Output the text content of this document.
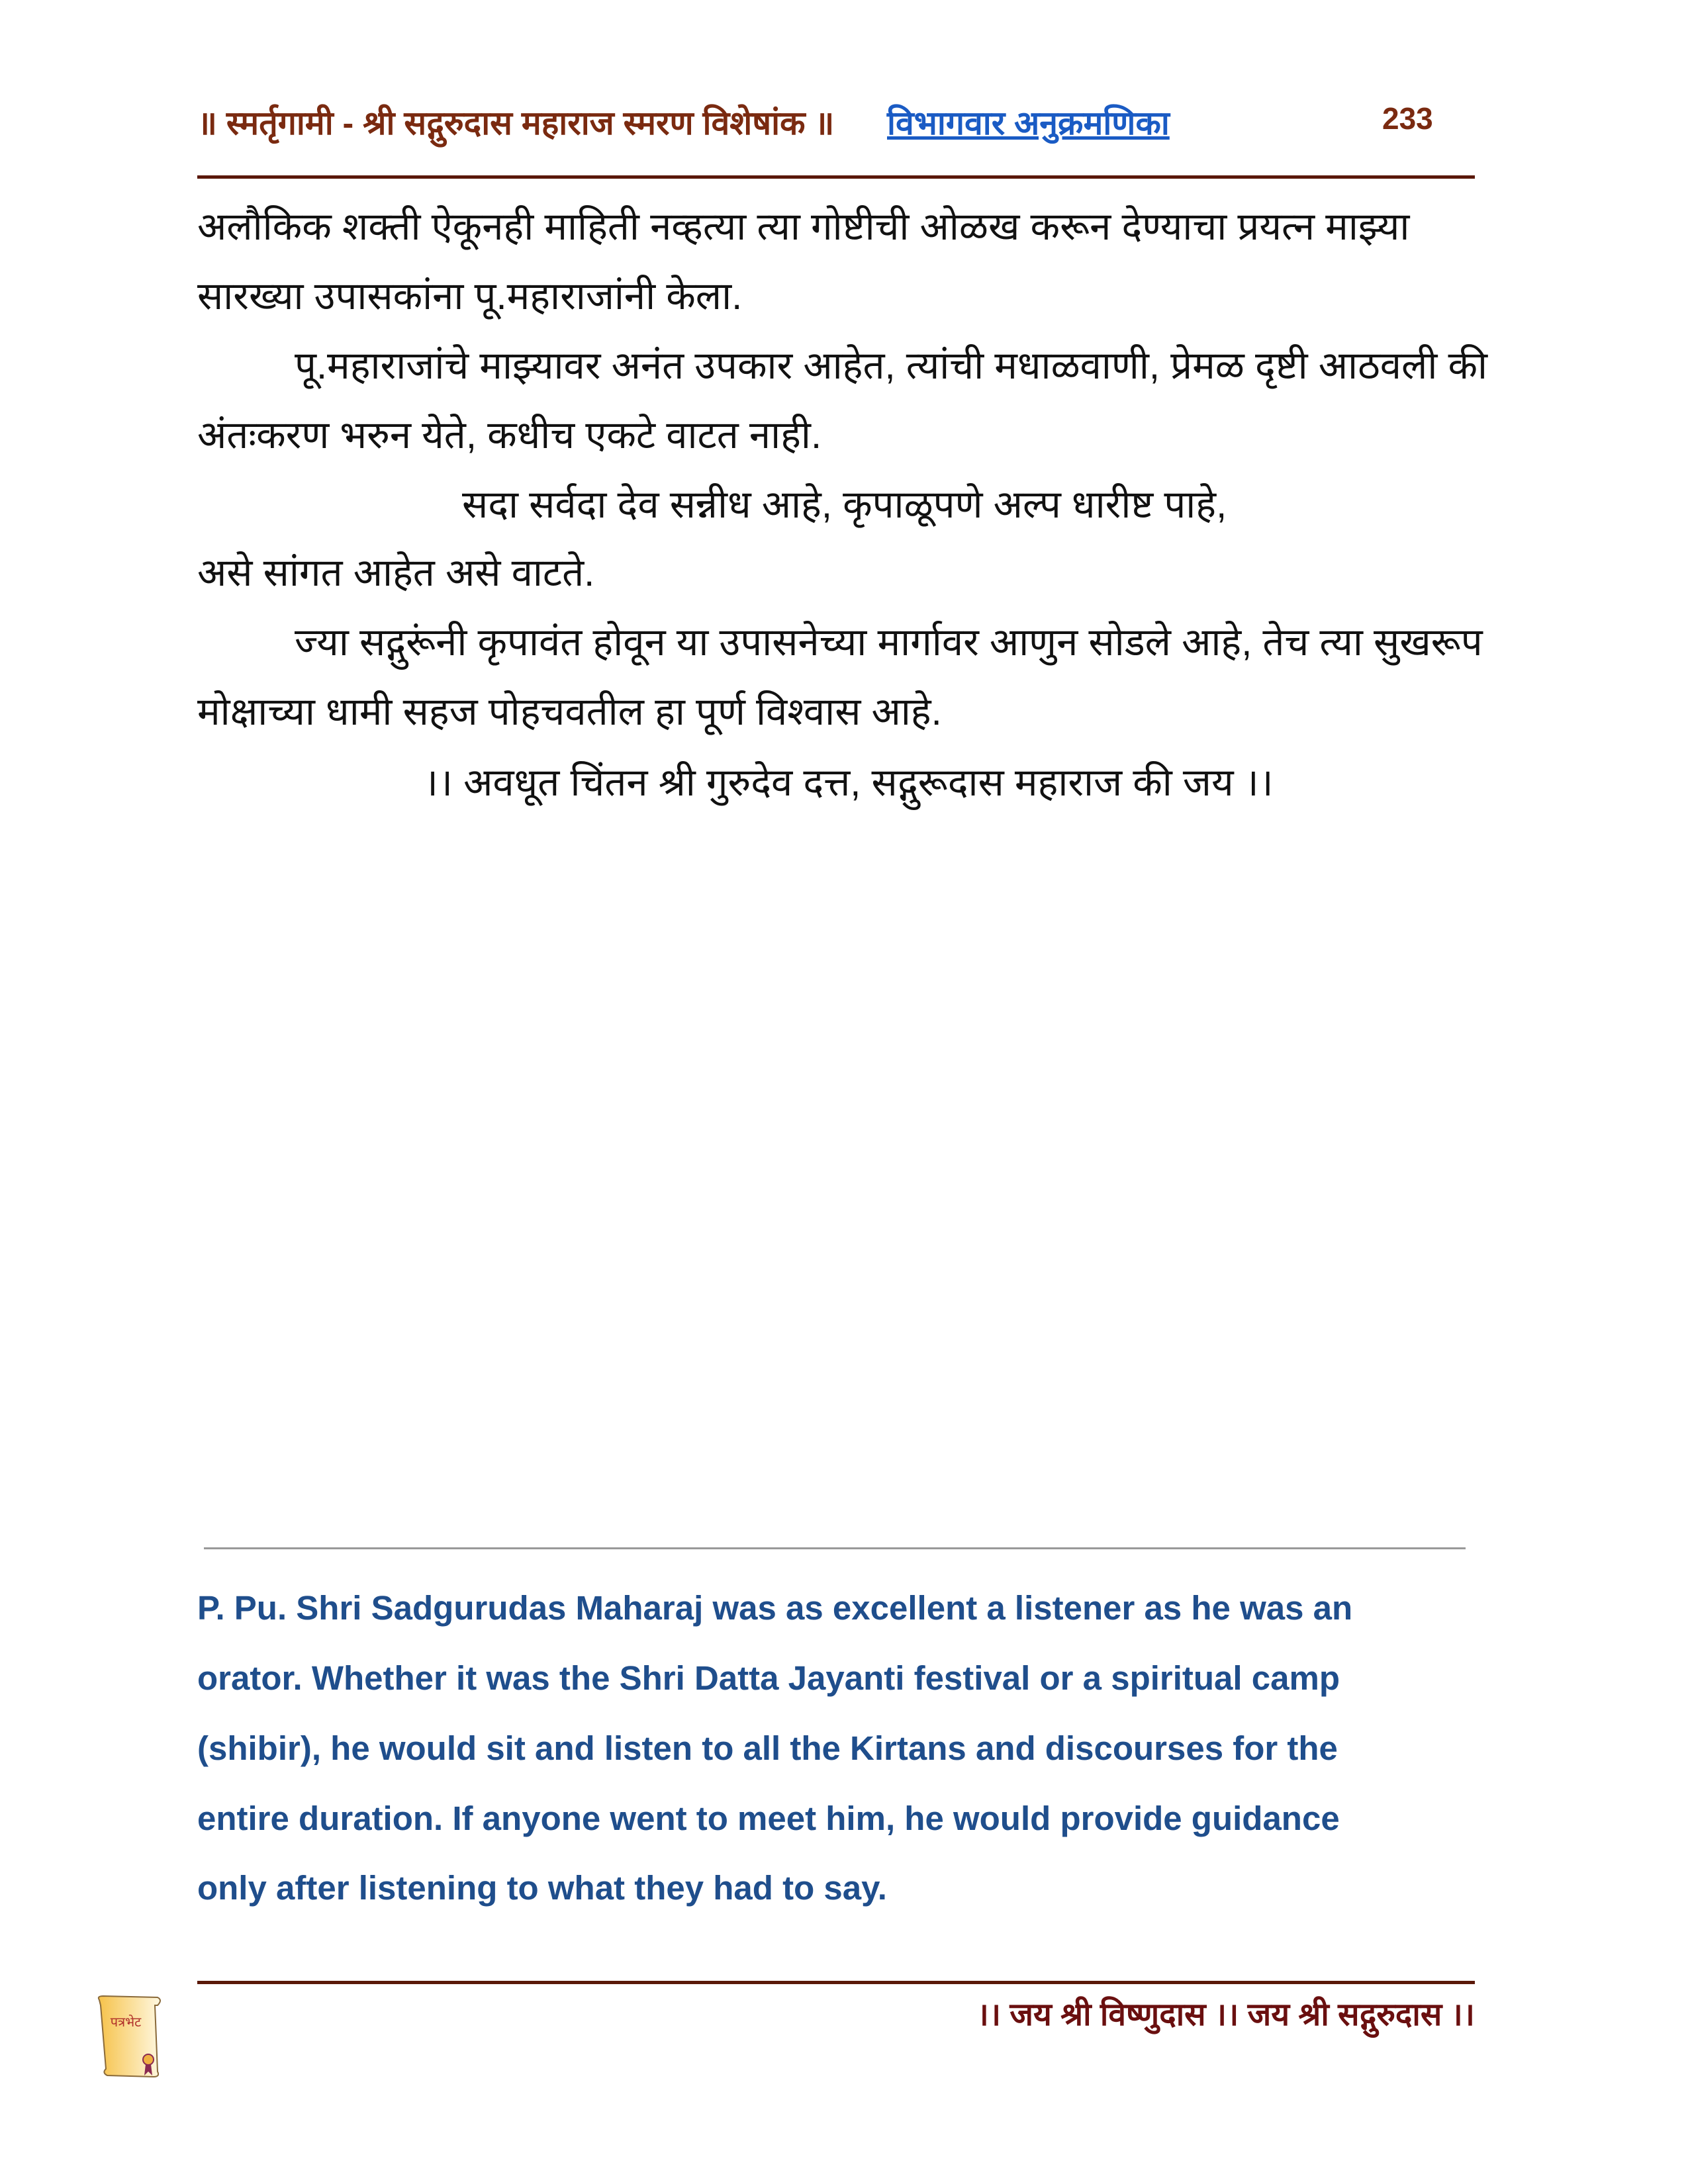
॥ स्मर्तृगामी - श्री सद्गुरुदास महाराज स्मरण विशेषांक ॥ विभागवार अनुक्रमणिका	233
अलौकिक शक्ती ऐकूनही माहिती नव्हत्या त्या गोष्टीची ओळख करून देण्याचा प्रयत्न माझ्या
सारख्या उपासकांना पू.महाराजांनी केला.
पू.महाराजांचे माझ्यावर अनंत उपकार आहेत, त्यांची मधाळवाणी, प्रेमळ दृष्टी आठवली की
अंतःकरण भरुन येते, कधीच एकटे वाटत नाही.
सदा सर्वदा देव सन्नीध आहे, कृपाळूपणे अल्प धारीष्ट पाहे,
असे सांगत आहेत असे वाटते.
ज्या सद्गुरूंनी कृपावंत होवून या उपासनेच्या मार्गावर आणुन सोडले आहे, तेच त्या सुखरूप
मोक्षाच्या धामी सहज पोहचवतील हा पूर्ण विश्वास आहे.
।। अवधूत चिंतन श्री गुरुदेव दत्त, सद्गुरूदास महाराज की जय ।।
P. Pu. Shri Sadgurudas Maharaj was as excellent a listener as he was an
orator. Whether it was the Shri Datta Jayanti festival or a spiritual camp
(shibir), he would sit and listen to all the Kirtans and discourses for the
entire duration. If anyone went to meet him, he would provide guidance
only after listening to what they had to say.
।। जय श्री विष्णुदास ।। जय श्री सद्गुरुदास ।।
पत्रभेट
